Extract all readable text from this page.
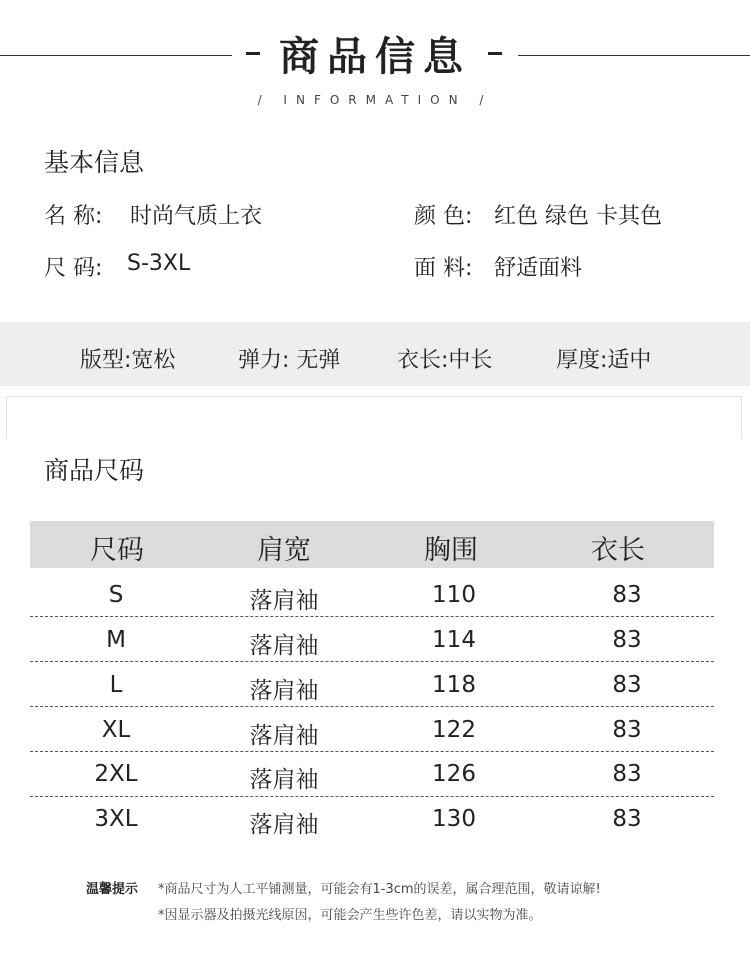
商品信息
/ INFORMATION /
基本信息
名 称: 时尚气质上衣	颜 色: 红色 绿色 卡其色
尺 码: S-3XL	面 料: 舒适面料
版型:宽松	弹力: 无弹	衣长:中长	厚度:适中
商品尺码
尺码	肩宽	胸围	衣长
S	落肩袖	110	83
M	落肩袖	114	83
L	落肩袖	118	83
XL	落肩袖	122	83
2XL	落肩袖	126	83
3XL	落肩袖	130	83
温馨提示 *商品尺寸为人工平铺测量，可能会有1-3cm的误差，属合理范围，敬请谅解!
*因显示器及拍摄光线原因，可能会产生些许色差，请以实物为准。
